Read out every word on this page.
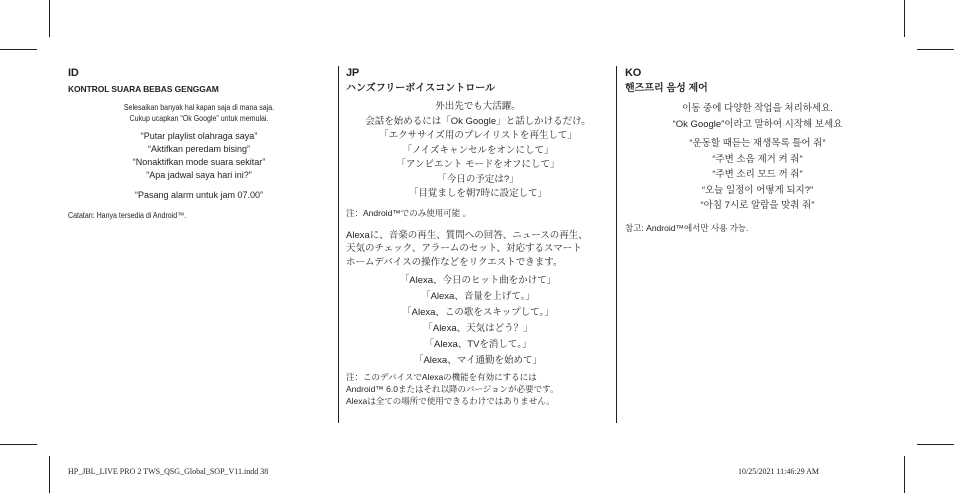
ID
KONTROL SUARA BEBAS GENGGAM
Selesaikan banyak hal kapan saja di mana saja.
Cukup ucapkan “Ok Google” untuk memulai.
“Putar playlist olahraga saya”
“Aktifkan peredam bising”
“Nonaktifkan mode suara sekitar”
“Apa jadwal saya hari ini?”
“Pasang alarm untuk jam 07.00”
Catatan: Hanya tersedia di Android™.
JP
ハンズフリーボイスコントロール
外出先でも大活躍。
会話を始めるには「Ok Google」と話しかけるだけ。
「エクササイズ用のプレイリストを再生して」
「ノイズキャンセルをオンにして」
「アンビエント モードをオフにして」
「今日の予定は?」
「目覚ましを朝7時に設定して」
注：Android™でのみ使用可能 。
Alexaに、音楽の再生、質問への回答、ニュースの再生、
天気のチェック、アラームのセット、対応するスマート
ホームデバイスの操作などをリクエストできます。
「Alexa、今日のヒット曲をかけて」
「Alexa、音量を上げて。」
「Alexa、この歌をスキップして。」
「Alexa、天気はどう？」
「Alexa、TVを消して。」
「Alexa、マイ通勤を始めて」
注：このデバイスでAlexaの機能を有効にするには
Android™ 6.0またはそれ以降のバージョンが必要です。
Alexaは全ての場所で使用できるわけではありません。
KO
핸즈프리 음성 제어
이동 중에 다양한 작업을 처리하세요.
“Ok Google”이라고 말하여 시작해 보세요
“운동할 때듣는 재생목록 틀어 줘”
“주변 소음 제거 켜 줘”
“주변 소리 모드 꺼 줘”
“오늘 일정이 어떻게 되지?”
“아침 7시로 알람을 맞춰 줘”
참고: Android™에서만 사용 가능.
HP_JBL_LIVE PRO 2 TWS_QSG_Global_SOP_V11.indd 38	10/25/2021 11:46:29 AM
